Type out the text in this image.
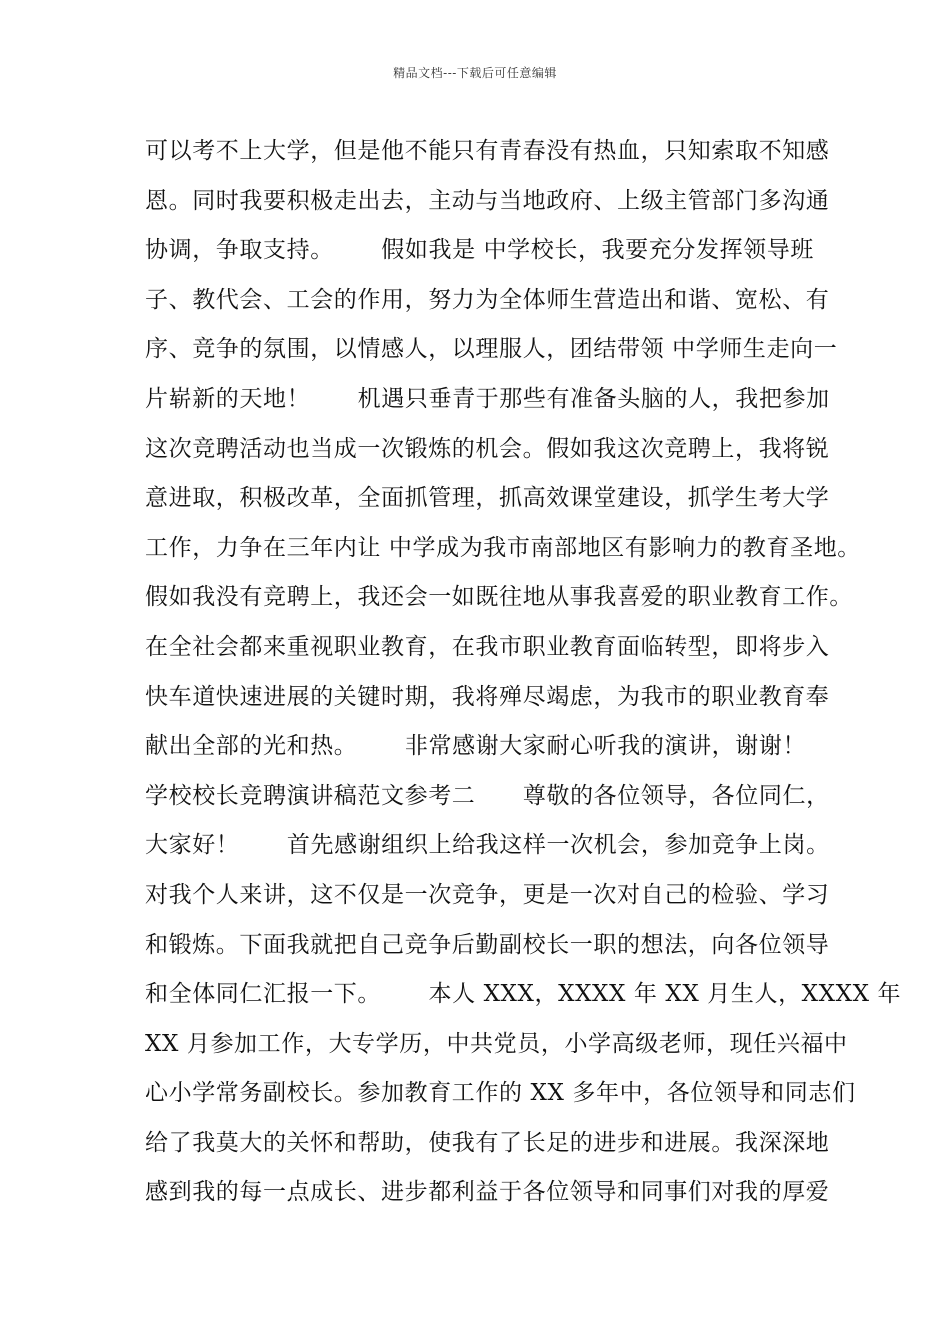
精品文档---下载后可任意编辑
可以考不上大学，但是他不能只有青春没有热血，只知索取不知感
恩。同时我要积极走出去，主动与当地政府、上级主管部门多沟通
协调，争取支持。      假如我是 中学校长，我要充分发挥领导班
子、教代会、工会的作用，努力为全体师生营造出和谐、宽松、有
序、竞争的氛围，以情感人，以理服人，团结带领 中学师生走向一
片崭新的天地！      机遇只垂青于那些有准备头脑的人，我把参加
这次竞聘活动也当成一次锻炼的机会。假如我这次竞聘上，我将锐
意进取，积极改革，全面抓管理，抓高效课堂建设，抓学生考大学
工作，力争在三年内让 中学成为我市南部地区有影响力的教育圣地。
假如我没有竞聘上，我还会一如既往地从事我喜爱的职业教育工作。
在全社会都来重视职业教育，在我市职业教育面临转型，即将步入
快车道快速进展的关键时期，我将殚尽竭虑，为我市的职业教育奉
献出全部的光和热。      非常感谢大家耐心听我的演讲，谢谢！
学校校长竞聘演讲稿范文参考二      尊敬的各位领导，各位同仁，
大家好！      首先感谢组织上给我这样一次机会，参加竞争上岗。
对我个人来讲，这不仅是一次竞争，更是一次对自己的检验、学习
和锻炼。下面我就把自己竞争后勤副校长一职的想法，向各位领导
和全体同仁汇报一下。      本人 XXX，XXXX 年 XX 月生人，XXXX 年
XX 月参加工作，大专学历，中共党员，小学高级老师，现任兴福中
心小学常务副校长。参加教育工作的 XX 多年中，各位领导和同志们
给了我莫大的关怀和帮助，使我有了长足的进步和进展。我深深地
感到我的每一点成长、进步都利益于各位领导和同事们对我的厚爱
